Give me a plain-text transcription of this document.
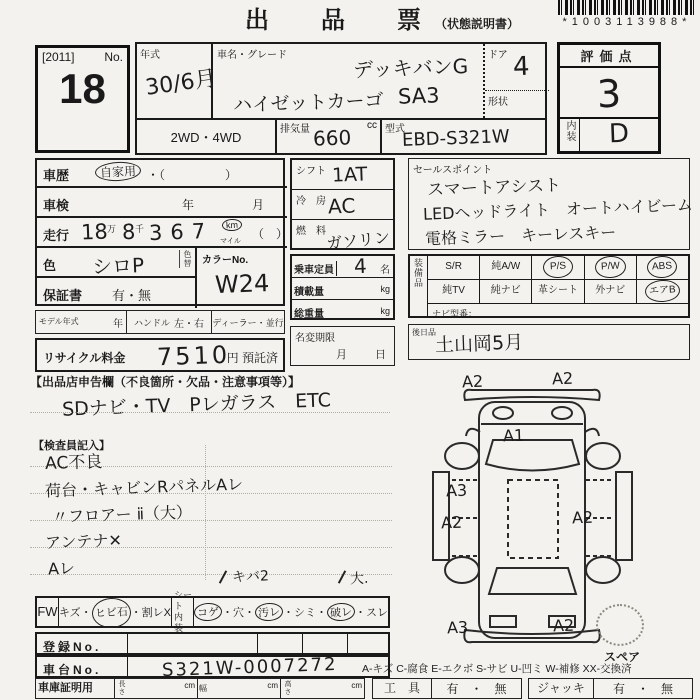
出　品　票 （状態説明書）	*1003113988*
[2011] No.
18
年式
30/6月
車名・グレード	デッキバンG
ハイゼットカーゴ SA3
ドア 4
形状
2WD・4WD
排気量	cc
660	型式
EBD-S321W
評価点
3
内装 D
車歴	自家用 ・（　　　　　）
車検	年	月
走行 18
万 8 千 367	km
マイル
（　）
色 シロP	色替 カラーNo.
W24
保証書 有・無
モデル年式	年 ハンドル 左・右 ディーラー・並行
リサイクル料金 7510
円 預託済
シフト 1AT
冷　房 AC
燃　料 ガソリン
乗車定員 4 名
積載量	kg
総重量	kg
名変期限
月	日
セールスポイント
スマートアシスト
LEDヘッドライト　オートハイビーム
電格ミラー　キーレスキー
装備品	S/R	純A/W	P/S	P/W	ABS
純TV	純ナビ	革シート	外ナビ	エアB
ナビ型番：
後日品
土山岡5月
【出品店申告欄（不良箇所・欠品・注意事項等）】
SDナビ・TV　Pレガラス　ETC
【検査員記入】
AC不良
荷台・キャビンRパネルAレ
〃フロアー ⅱ（大）
アンテナ✕
Aレ
A2	A2
A1
A3
A2	A2
A3	A2
スペア
キバ2	大.
FW キズ・ ヒビ石 ・割レX
シート
内　装
コゲ ・穴・ 汚レ ・シミ・ 破レ ・スレ
登録No.
車台No.	S321W-0007272 A-キズ C-腐食 E-エクボ S-サビ U-凹ミ W-補修 XX-交換済
車庫証明用	長さ	cm 幅	cm 高さ	cm	工　具	有　・　無	ジャッキ	有　・　無
